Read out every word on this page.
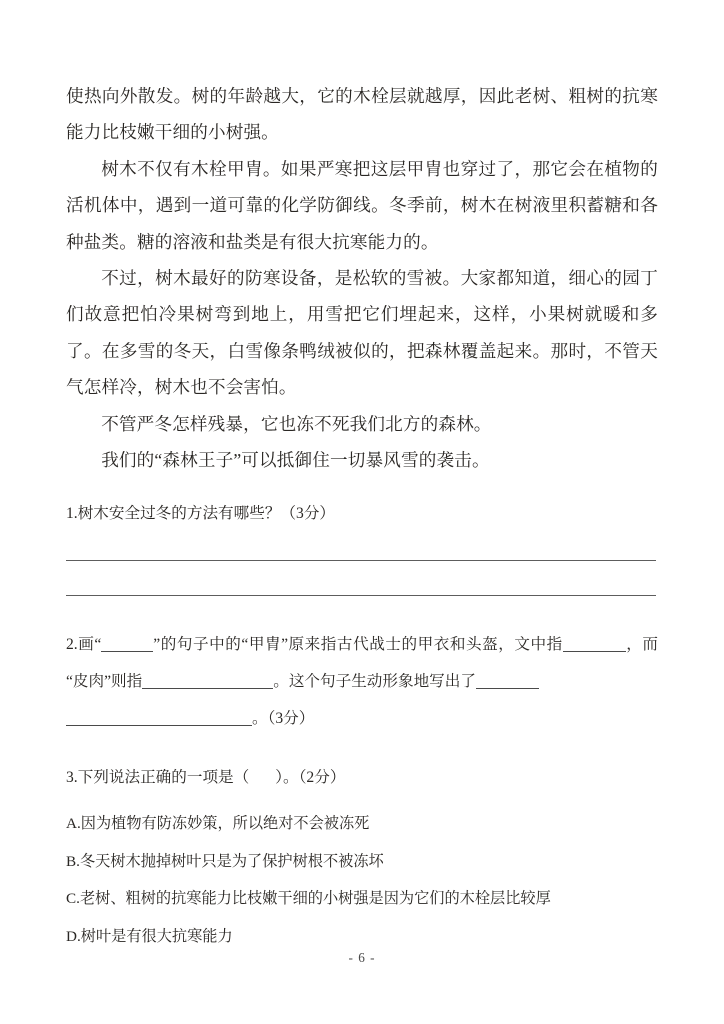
使热向外散发。树的年龄越大，它的木栓层就越厚，因此老树、粗树的抗寒能力比枝嫩干细的小树强。

树木不仅有木栓甲胄。如果严寒把这层甲胄也穿过了，那它会在植物的活机体中，遇到一道可靠的化学防御线。冬季前，树木在树液里积蓄糖和各种盐类。糖的溶液和盐类是有很大抗寒能力的。

不过，树木最好的防寒设备，是松软的雪被。大家都知道，细心的园丁们故意把怕冷果树弯到地上，用雪把它们埋起来，这样，小果树就暖和多了。在多雪的冬天，白雪像条鸭绒被似的，把森林覆盖起来。那时，不管天气怎样冷，树木也不会害怕。

不管严冬怎样残暴，它也冻不死我们北方的森林。

我们的“森林王子”可以抵御住一切暴风雪的袭击。

1.树木安全过冬的方法有哪些？（3分）

2.画“	”的句子中的“甲胄”原来指古代战士的甲衣和头盔，文中指	，而“皮肉”则指	。这个句子生动形象地写出了
。（3分）

3.下列说法正确的一项是（ ）。（2分）

A.因为植物有防冻妙策，所以绝对不会被冻死

B.冬天树木抛掉树叶只是为了保护树根不被冻坏

C.老树、粗树的抗寒能力比枝嫩干细的小树强是因为它们的木栓层比较厚

D.树叶是有很大抗寒能力

- 6 -
